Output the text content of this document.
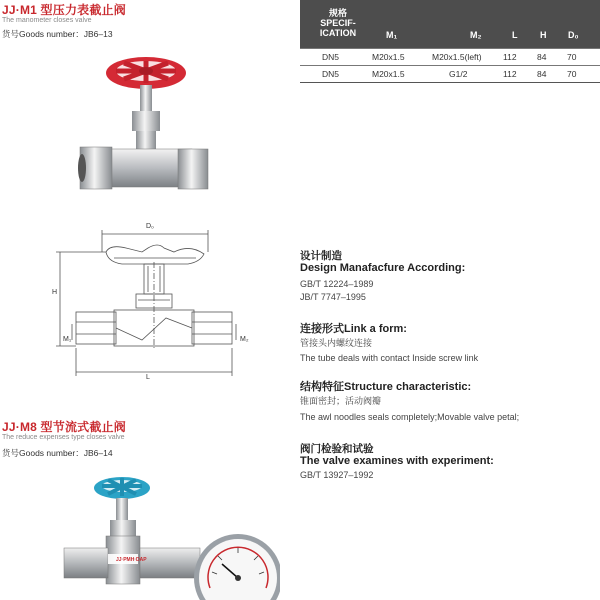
JJ·M1 型压力表截止阀
The manometer closes valve
货号Goods number：JB6–13
规格
SPECIF-
ICATION	M₁	M₂	L	H D₀
DN5	M20x1.5	M20x1.5(left)	112 84 70
DN5	M20x1.5	G1/2	112 84 70
D₀
H
M₁	M₂
L
JJ·M8 型节流式截止阀
The reduce expenses type closes valve
货号Goods number：JB6–14
JJ·PMH·DAP
设计制造
Design Manafacfure According:
GB/T 12224–1989
JB/T 7747–1995
连接形式Link a form:
管接头内螺纹连接
The tube deals with contact Inside screw link
结构特征Structure characteristic:
锥面密封；活动阀瓣
The awl noodles seals completely;Movable valve petal;
阀门检验和试验
The valve examines with experiment:
GB/T 13927–1992
